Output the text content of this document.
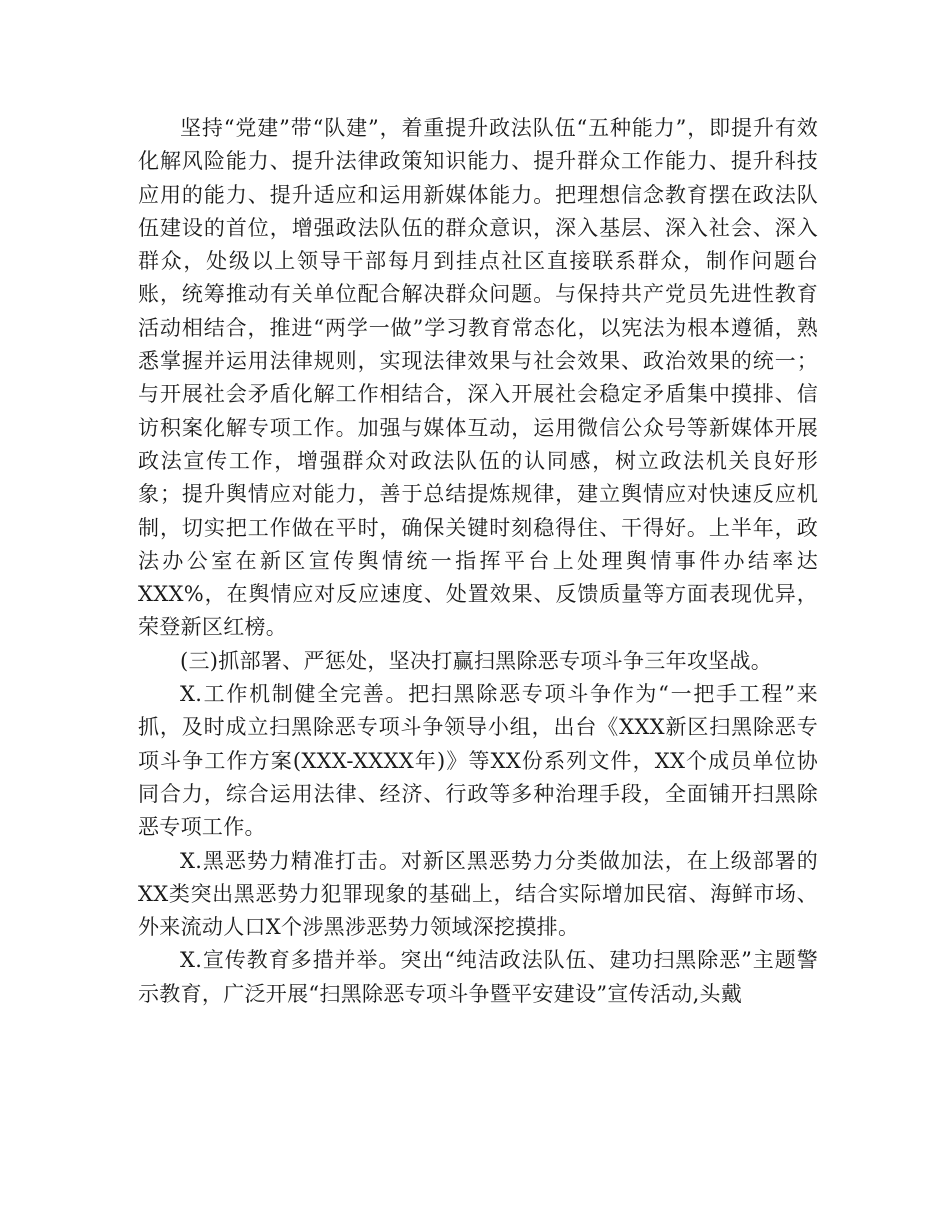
坚持“党建”带“队建”，着重提升政法队伍“五种能力”，即提升有效化解风险能力、提升法律政策知识能力、提升群众工作能力、提升科技应用的能力、提升适应和运用新媒体能力。把理想信念教育摆在政法队伍建设的首位，增强政法队伍的群众意识，深入基层、深入社会、深入群众，处级以上领导干部每月到挂点社区直接联系群众，制作问题台账，统筹推动有关单位配合解决群众问题。与保持共产党员先进性教育活动相结合，推进“两学一做”学习教育常态化，以宪法为根本遵循，熟悉掌握并运用法律规则，实现法律效果与社会效果、政治效果的统一；与开展社会矛盾化解工作相结合，深入开展社会稳定矛盾集中摸排、信访积案化解专项工作。加强与媒体互动，运用微信公众号等新媒体开展政法宣传工作，增强群众对政法队伍的认同感，树立政法机关良好形象；提升舆情应对能力，善于总结提炼规律，建立舆情应对快速反应机制，切实把工作做在平时，确保关键时刻稳得住、干得好。上半年，政法办公室在新区宣传舆情统一指挥平台上处理舆情事件办结率达XXX%，在舆情应对反应速度、处置效果、反馈质量等方面表现优异，荣登新区红榜。

(三)抓部署、严惩处，坚决打赢扫黑除恶专项斗争三年攻坚战。

X.工作机制健全完善。把扫黑除恶专项斗争作为“一把手工程”来抓，及时成立扫黑除恶专项斗争领导小组，出台《XXX新区扫黑除恶专项斗争工作方案(XXX-XXXX年)》等XX份系列文件，XX个成员单位协同合力，综合运用法律、经济、行政等多种治理手段，全面铺开扫黑除恶专项工作。

X.黑恶势力精准打击。对新区黑恶势力分类做加法，在上级部署的XX类突出黑恶势力犯罪现象的基础上，结合实际增加民宿、海鲜市场、外来流动人口X个涉黑涉恶势力领域深挖摸排。

X.宣传教育多措并举。突出“纯洁政法队伍、建功扫黑除恶”主题警示教育，广泛开展“扫黑除恶专项斗争暨平安建设”宣传活动,头戴
